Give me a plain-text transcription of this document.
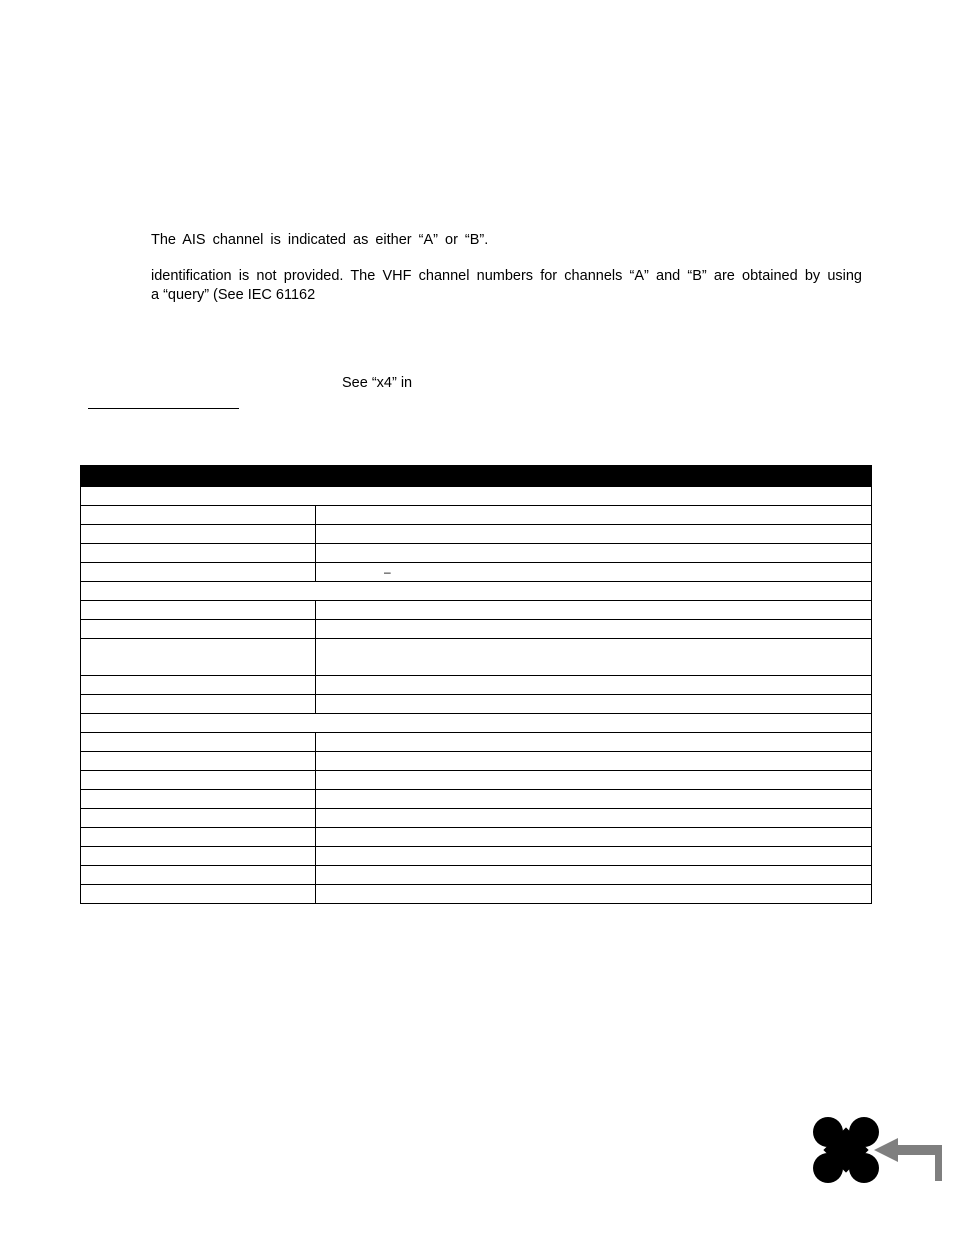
The AIS channel is indicated as either “A” or “B”.
identification is not provided. The VHF channel numbers for channels “A” and “B” are obtained by using
a “query” (See IEC 61162
See “x4” in

	–
